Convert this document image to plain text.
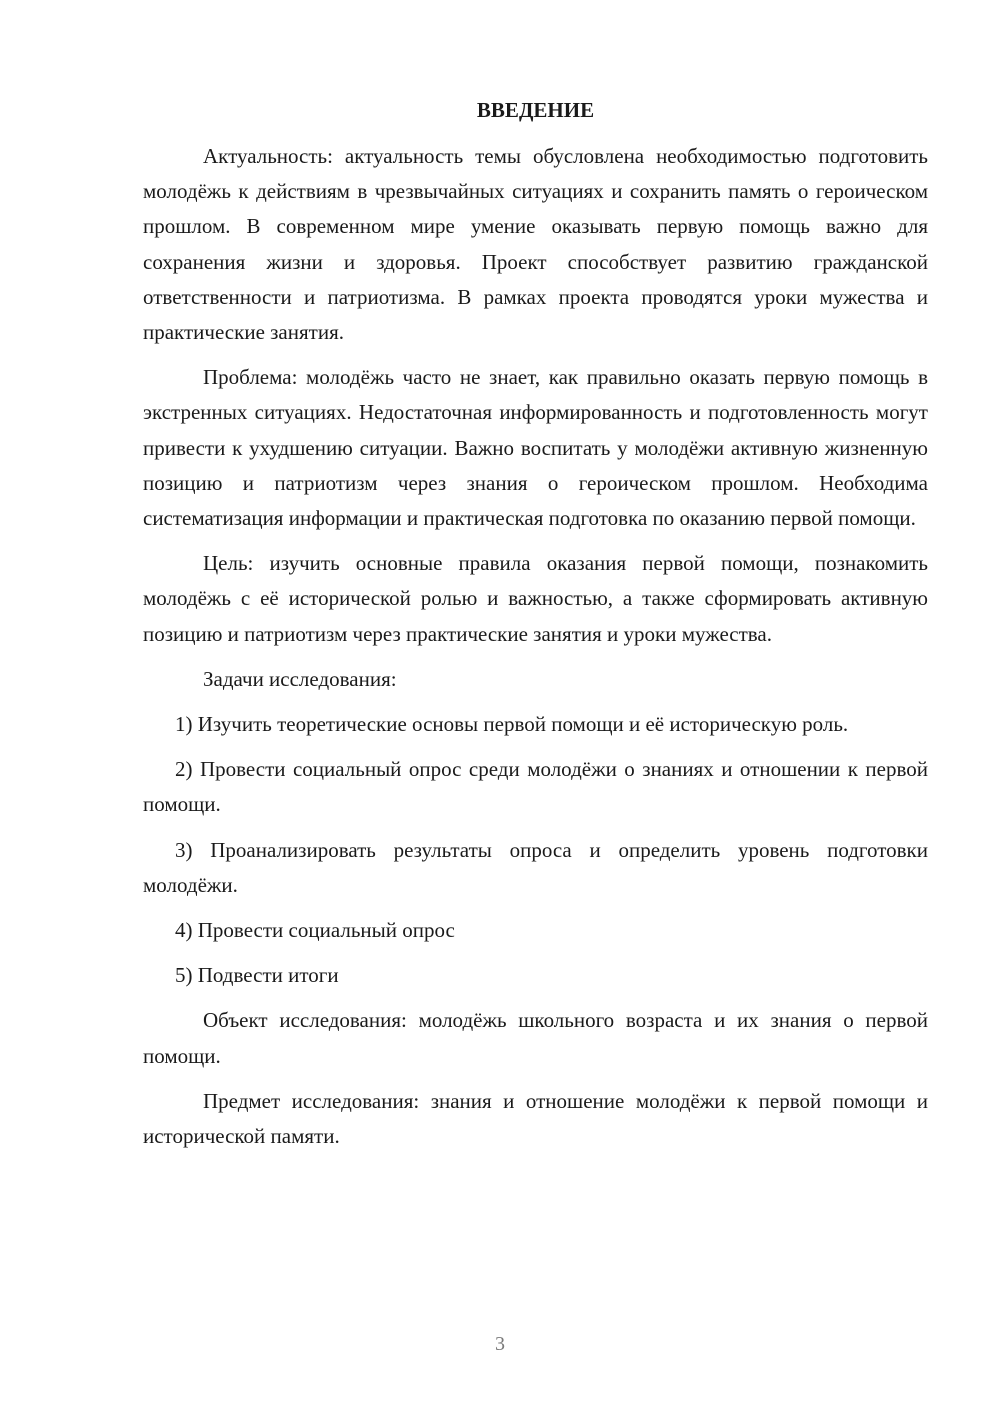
ВВЕДЕНИЕ

Актуальность: актуальность темы обусловлена необходимостью подготовить молодёжь к действиям в чрезвычайных ситуациях и сохранить память о героическом прошлом. В современном мире умение оказывать первую помощь важно для сохранения жизни и здоровья. Проект способствует развитию гражданской ответственности и патриотизма. В рамках проекта проводятся уроки мужества и практические занятия.

Проблема: молодёжь часто не знает, как правильно оказать первую помощь в экстренных ситуациях. Недостаточная информированность и подготовленность могут привести к ухудшению ситуации. Важно воспитать у молодёжи активную жизненную позицию и патриотизм через знания о героическом прошлом. Необходима систематизация информации и практическая подготовка по оказанию первой помощи.

Цель: изучить основные правила оказания первой помощи, познакомить молодёжь с её исторической ролью и важностью, а также сформировать активную позицию и патриотизм через практические занятия и уроки мужества.

Задачи исследования:

1) Изучить теоретические основы первой помощи и её историческую роль.

2) Провести социальный опрос среди молодёжи о знаниях и отношении к первой помощи.

3) Проанализировать результаты опроса и определить уровень подготовки молодёжи.

4) Провести социальный опрос

5) Подвести итоги

Объект исследования: молодёжь школьного возраста и их знания о первой помощи.

Предмет исследования: знания и отношение молодёжи к первой помощи и исторической памяти.

3
